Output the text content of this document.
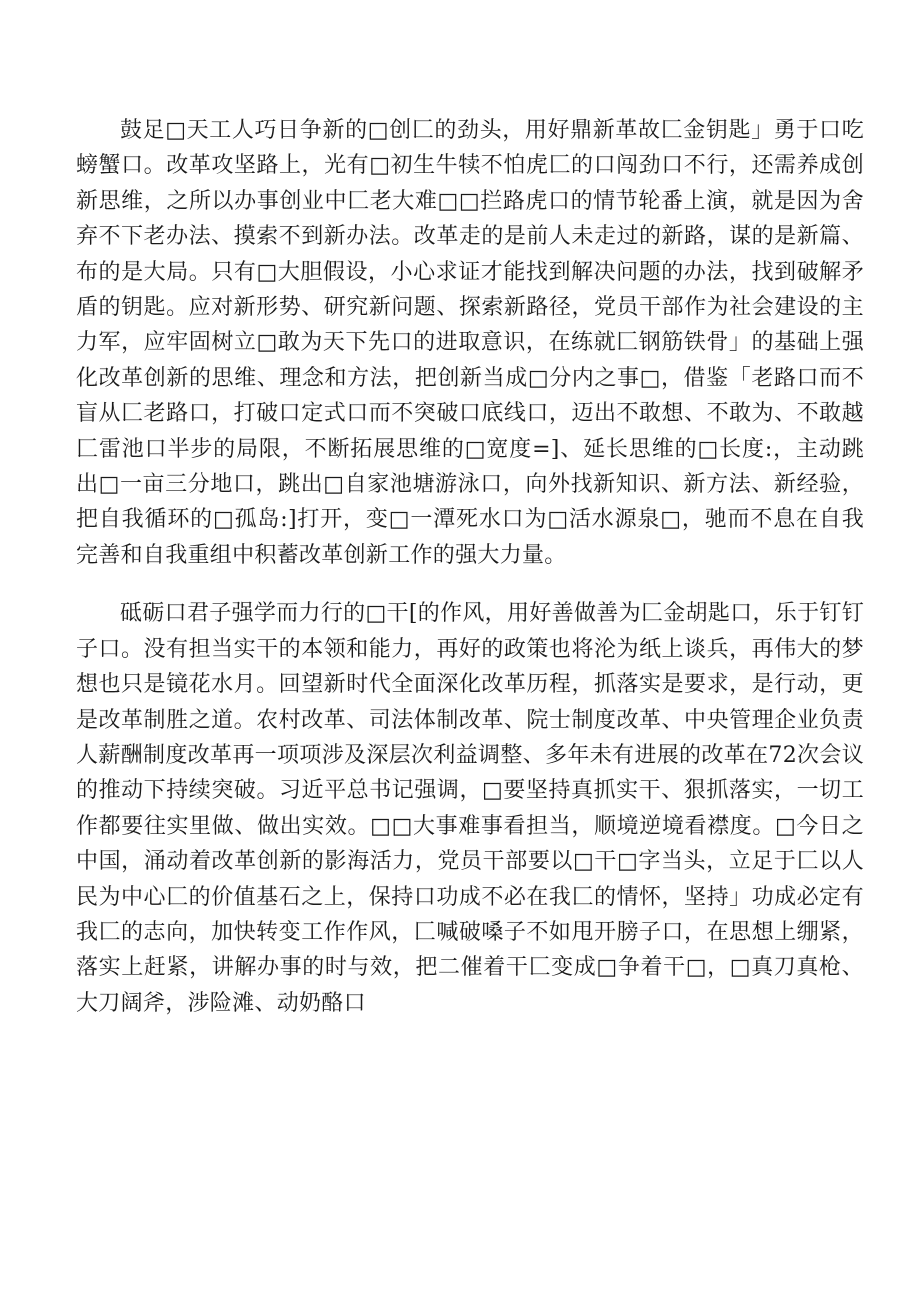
鼓足□天工人巧日争新的□创匚的劲头，用好鼎新革故匚金钥匙」勇于口吃螃蟹口。改革攻坚路上，光有□初生牛犊不怕虎匚的口闯劲口不行，还需养成创新思维，之所以办事创业中匚老大难□□拦路虎口的情节轮番上演，就是因为舍弃不下老办法、摸索不到新办法。改革走的是前人未走过的新路，谋的是新篇、布的是大局。只有□大胆假设，小心求证才能找到解决问题的办法，找到破解矛盾的钥匙。应对新形势、研究新问题、探索新路径，党员干部作为社会建设的主力军，应牢固树立□敢为天下先口的进取意识，在练就匚钢筋铁骨」的基础上强化改革创新的思维、理念和方法，把创新当成□分内之事□，借鉴「老路口而不盲从匚老路口，打破口定式口而不突破口底线口，迈出不敢想、不敢为、不敢越匚雷池口半步的局限，不断拓展思维的□宽度=]、延长思维的□长度:，主动跳出□一亩三分地口，跳出□自家池塘游泳口，向外找新知识、新方法、新经验，把自我循环的□孤岛:]打开，变□一潭死水口为□活水源泉□，驰而不息在自我完善和自我重组中积蓄改革创新工作的强大力量。

砥砺口君子强学而力行的□干[的作风，用好善做善为匚金胡匙口，乐于钉钉子口。没有担当实干的本领和能力，再好的政策也将沦为纸上谈兵，再伟大的梦想也只是镜花水月。回望新时代全面深化改革历程，抓落实是要求，是行动，更是改革制胜之道。农村改革、司法体制改革、院士制度改革、中央管理企业负责人薪酬制度改革再一项项涉及深层次利益调整、多年未有进展的改革在72次会议的推动下持续突破。习近平总书记强调，□要坚持真抓实干、狠抓落实，一切工作都要往实里做、做出实效。□□大事难事看担当，顺境逆境看襟度。□今日之中国，涌动着改革创新的影海活力，党员干部要以□干□字当头，立足于匚以人民为中心匚的价值基石之上，保持口功成不必在我匚的情怀，坚持」功成必定有我匚的志向，加快转变工作作风，匚喊破嗓子不如甩开膀子口，在思想上绷紧，落实上赶紧，讲解办事的时与效，把二催着干匚变成□争着干□，□真刀真枪、大刀阔斧，涉险滩、动奶酪口
